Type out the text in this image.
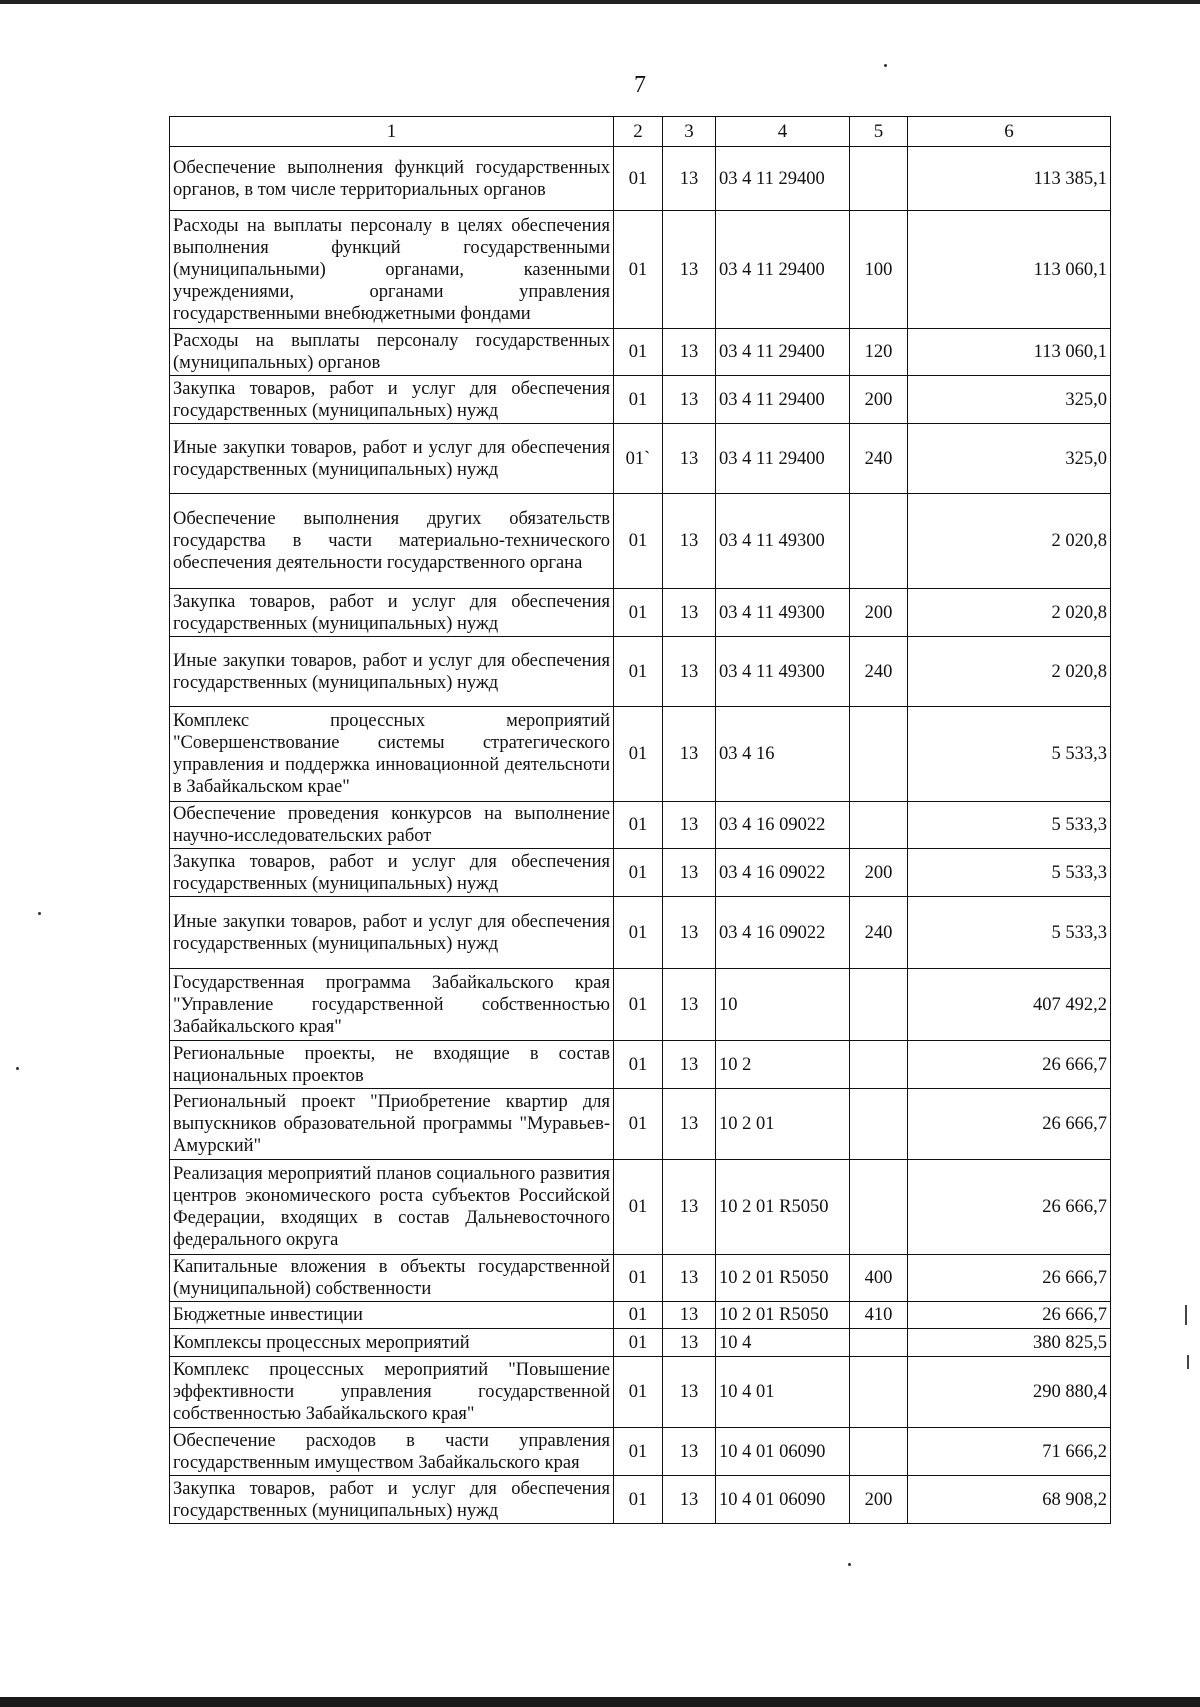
7
1	2	3	4	5	6
Обеспечение выполнения функций государственных органов, в том числе территориальных органов	01	13	03 4 11 29400		113 385,1
Расходы на выплаты персоналу в целях обеспечения выполнения функций государственными (муниципальными) органами, казенными учреждениями, органами управления государственными внебюджетными фондами	01	13	03 4 11 29400	100	113 060,1
Расходы на выплаты персоналу государственных (муниципальных) органов	01	13	03 4 11 29400	120	113 060,1
Закупка товаров, работ и услуг для обеспечения государственных (муниципальных) нужд	01	13	03 4 11 29400	200	325,0
Иные закупки товаров, работ и услуг для обеспечения государственных (муниципальных) нужд	01`	13	03 4 11 29400	240	325,0
Обеспечение выполнения других обязательств государства в части материально-технического обеспечения деятельности государственного органа	01	13	03 4 11 49300		2 020,8
Закупка товаров, работ и услуг для обеспечения государственных (муниципальных) нужд	01	13	03 4 11 49300	200	2 020,8
Иные закупки товаров, работ и услуг для обеспечения государственных (муниципальных) нужд	01	13	03 4 11 49300	240	2 020,8
Комплекс процессных мероприятий "Совершенствование системы стратегического управления и поддержка инновационной деятельсноти в Забайкальском крае"	01	13	03 4 16		5 533,3
Обеспечение проведения конкурсов на выполнение научно-исследовательских работ	01	13	03 4 16 09022		5 533,3
Закупка товаров, работ и услуг для обеспечения государственных (муниципальных) нужд	01	13	03 4 16 09022	200	5 533,3
Иные закупки товаров, работ и услуг для обеспечения государственных (муниципальных) нужд	01	13	03 4 16 09022	240	5 533,3
Государственная программа Забайкальского края "Управление государственной собственностью Забайкальского края"	01	13	10		407 492,2
Региональные проекты, не входящие в состав национальных проектов	01	13	10 2		26 666,7
Региональный проект "Приобретение квартир для выпускников образовательной программы "Муравьев-Амурский"	01	13	10 2 01		26 666,7
Реализация мероприятий планов социального развития центров экономического роста субъектов Российской Федерации, входящих в состав Дальневосточного федерального округа	01	13	10 2 01 R5050		26 666,7
Капитальные вложения в объекты государственной (муниципальной) собственности	01	13	10 2 01 R5050	400	26 666,7
Бюджетные инвестиции	01	13	10 2 01 R5050	410	26 666,7
Комплексы процессных мероприятий	01	13	10 4		380 825,5
Комплекс процессных мероприятий "Повышение эффективности управления государственной собственностью Забайкальского края"	01	13	10 4 01		290 880,4
Обеспечение расходов в части управления государственным имуществом Забайкальского края	01	13	10 4 01 06090		71 666,2
Закупка товаров, работ и услуг для обеспечения государственных (муниципальных) нужд	01	13	10 4 01 06090	200	68 908,2
